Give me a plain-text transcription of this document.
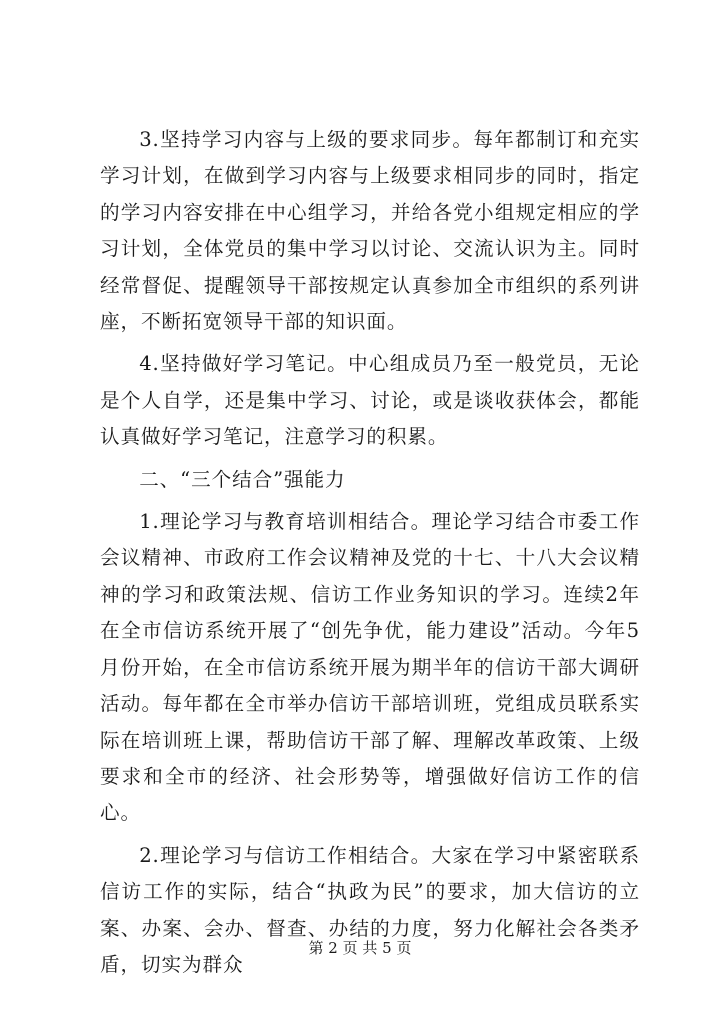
3.坚持学习内容与上级的要求同步。每年都制订和充实学习计划，在做到学习内容与上级要求相同步的同时，指定的学习内容安排在中心组学习，并给各党小组规定相应的学习计划，全体党员的集中学习以讨论、交流认识为主。同时经常督促、提醒领导干部按规定认真参加全市组织的系列讲座，不断拓宽领导干部的知识面。

4.坚持做好学习笔记。中心组成员乃至一般党员，无论是个人自学，还是集中学习、讨论，或是谈收获体会，都能认真做好学习笔记，注意学习的积累。

二、“三个结合”强能力

1.理论学习与教育培训相结合。理论学习结合市委工作会议精神、市政府工作会议精神及党的十七、十八大会议精神的学习和政策法规、信访工作业务知识的学习。连续2年在全市信访系统开展了“创先争优，能力建设”活动。今年5月份开始，在全市信访系统开展为期半年的信访干部大调研活动。每年都在全市举办信访干部培训班，党组成员联系实际在培训班上课，帮助信访干部了解、理解改革政策、上级要求和全市的经济、社会形势等，增强做好信访工作的信心。

2.理论学习与信访工作相结合。大家在学习中紧密联系信访工作的实际，结合“执政为民”的要求，加大信访的立案、办案、会办、督查、办结的力度，努力化解社会各类矛盾，切实为群众

第 2 页 共 5 页
